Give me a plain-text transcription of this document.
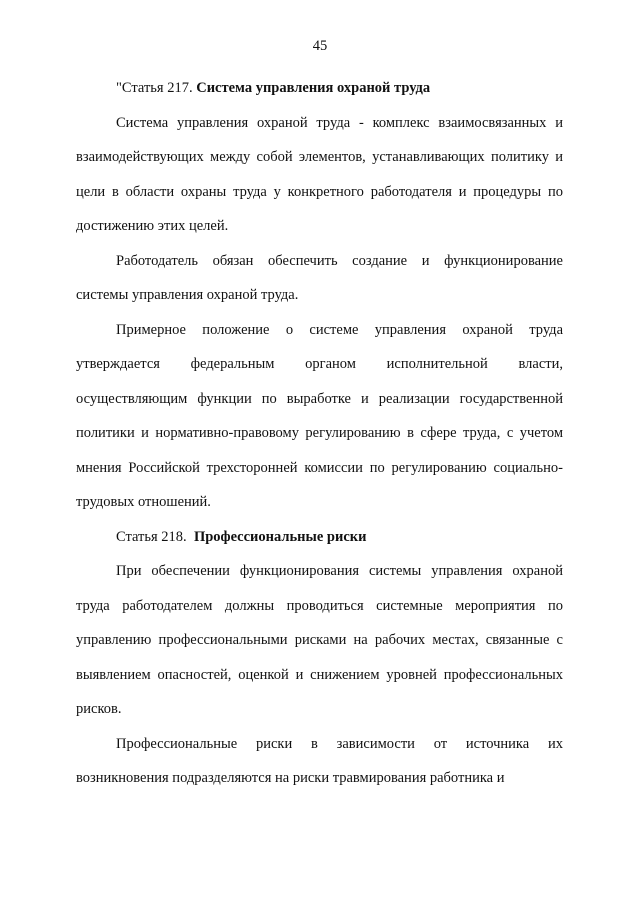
45

"Статья 217. Система управления охраной труда

Система управления охраной труда - комплекс взаимосвязанных и взаимодействующих между собой элементов, устанавливающих политику и цели в области охраны труда у конкретного работодателя и процедуры по достижению этих целей.

Работодатель обязан обеспечить создание и функционирование системы управления охраной труда.

Примерное положение о системе управления охраной труда утверждается федеральным органом исполнительной власти, осуществляющим функции по выработке и реализации государственной политики и нормативно-правовому регулированию в сфере труда, с учетом мнения Российской трехсторонней комиссии по регулированию социально-трудовых отношений.

Статья 218. Профессиональные риски

При обеспечении функционирования системы управления охраной труда работодателем должны проводиться системные мероприятия по управлению профессиональными рисками на рабочих местах, связанные с выявлением опасностей, оценкой и снижением уровней профессиональных рисков.

Профессиональные риски в зависимости от источника их возникновения подразделяются на риски травмирования работника и
